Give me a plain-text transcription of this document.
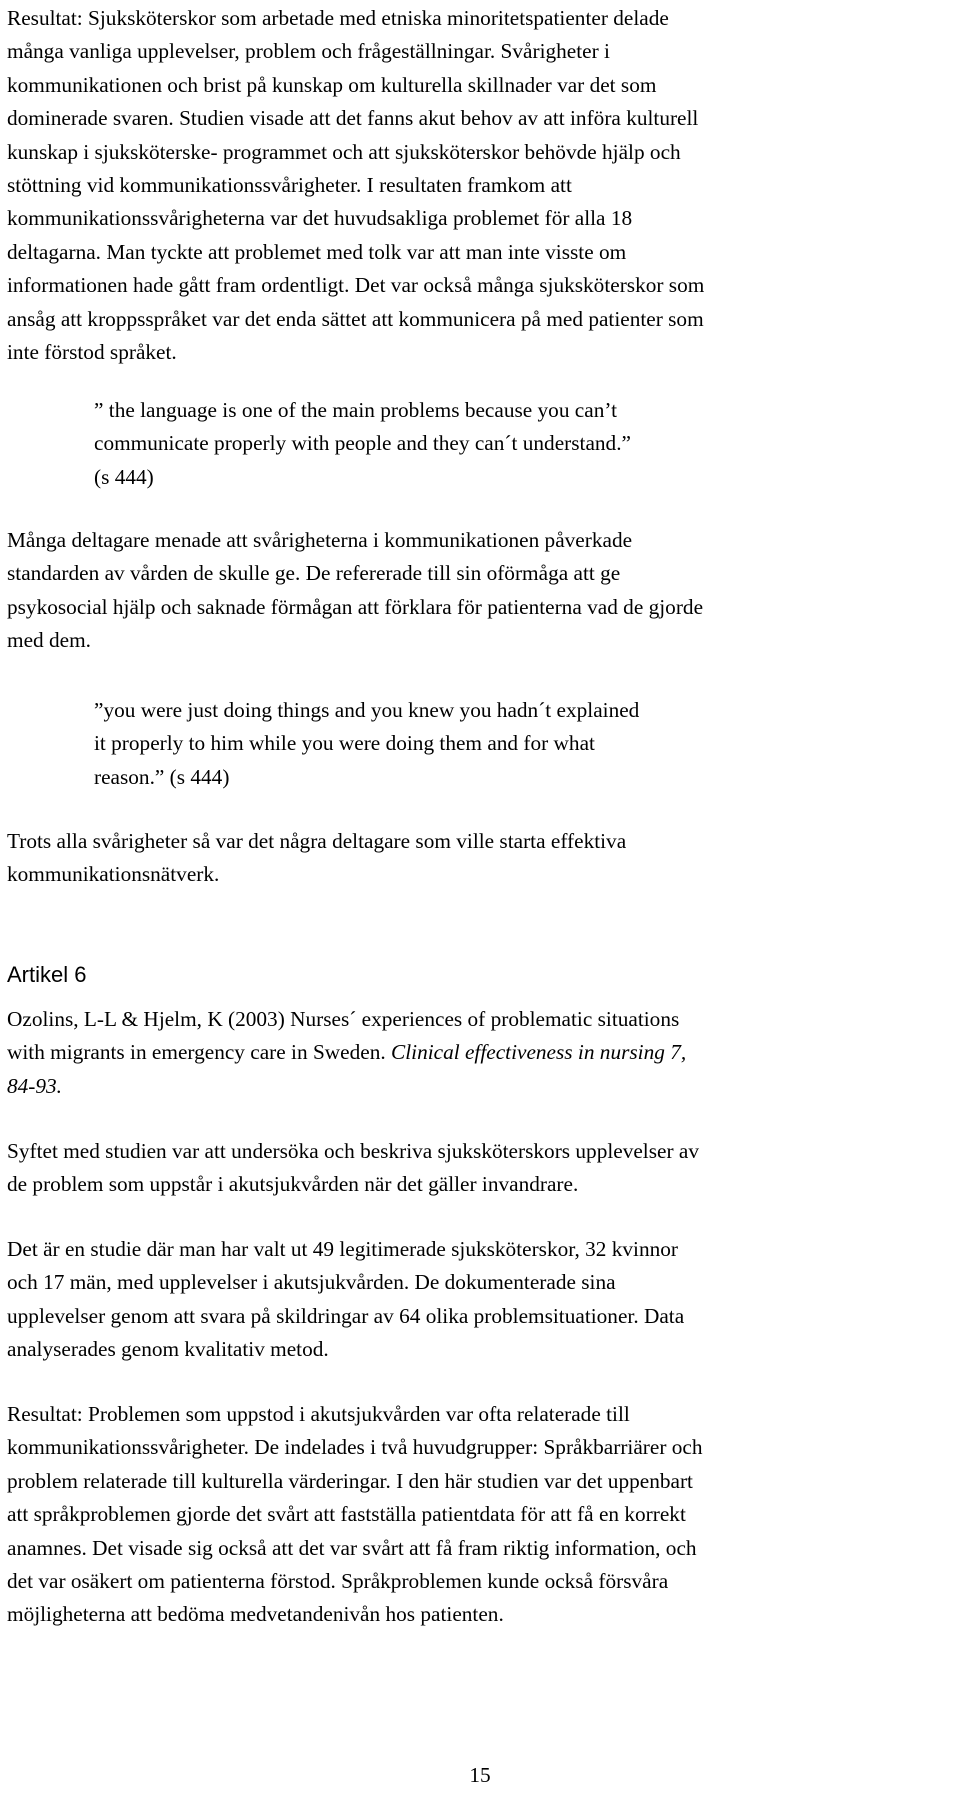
Resultat: Sjuksköterskor som arbetade med etniska minoritetspatienter delade
många vanliga upplevelser, problem och frågeställningar. Svårigheter i
kommunikationen och brist på kunskap om kulturella skillnader var det som
dominerade svaren. Studien visade att det fanns akut behov av att införa kulturell
kunskap i sjuksköterske- programmet och att sjuksköterskor behövde hjälp och
stöttning vid kommunikationssvårigheter. I resultaten framkom att
kommunikationssvårigheterna var det huvudsakliga problemet för alla 18
deltagarna. Man tyckte att problemet med tolk var att man inte visste om
informationen hade gått fram ordentligt. Det var också många sjuksköterskor som
ansåg att kroppsspråket var det enda sättet att kommunicera på med patienter som
inte förstod språket.

” the language is one of the main problems because you can’t
communicate properly with people and they can´t understand.”
(s 444)

Många deltagare menade att svårigheterna i kommunikationen påverkade
standarden av vården de skulle ge. De refererade till sin oförmåga att ge
psykosocial hjälp och saknade förmågan att förklara för patienterna vad de gjorde
med dem.

”you were just doing things and you knew you hadn´t explained
it properly to him while you were doing them and for what
reason.” (s 444)

Trots alla svårigheter så var det några deltagare som ville starta effektiva
kommunikationsnätverk.

Artikel 6

Ozolins, L-L & Hjelm, K (2003) Nurses´ experiences of problematic situations
with migrants in emergency care in Sweden. Clinical effectiveness in nursing 7,
84-93.

Syftet med studien var att undersöka och beskriva sjuksköterskors upplevelser av
de problem som uppstår i akutsjukvården när det gäller invandrare.

Det är en studie där man har valt ut 49 legitimerade sjuksköterskor, 32 kvinnor
och 17 män, med upplevelser i akutsjukvården. De dokumenterade sina
upplevelser genom att svara på skildringar av 64 olika problemsituationer. Data
analyserades genom kvalitativ metod.

Resultat: Problemen som uppstod i akutsjukvården var ofta relaterade till
kommunikationssvårigheter. De indelades i två huvudgrupper: Språkbarriärer och
problem relaterade till kulturella värderingar. I den här studien var det uppenbart
att språkproblemen gjorde det svårt att fastställa patientdata för att få en korrekt
anamnes. Det visade sig också att det var svårt att få fram riktig information, och
det var osäkert om patienterna förstod. Språkproblemen kunde också försvåra
möjligheterna att bedöma medvetandenivån hos patienten.

15
